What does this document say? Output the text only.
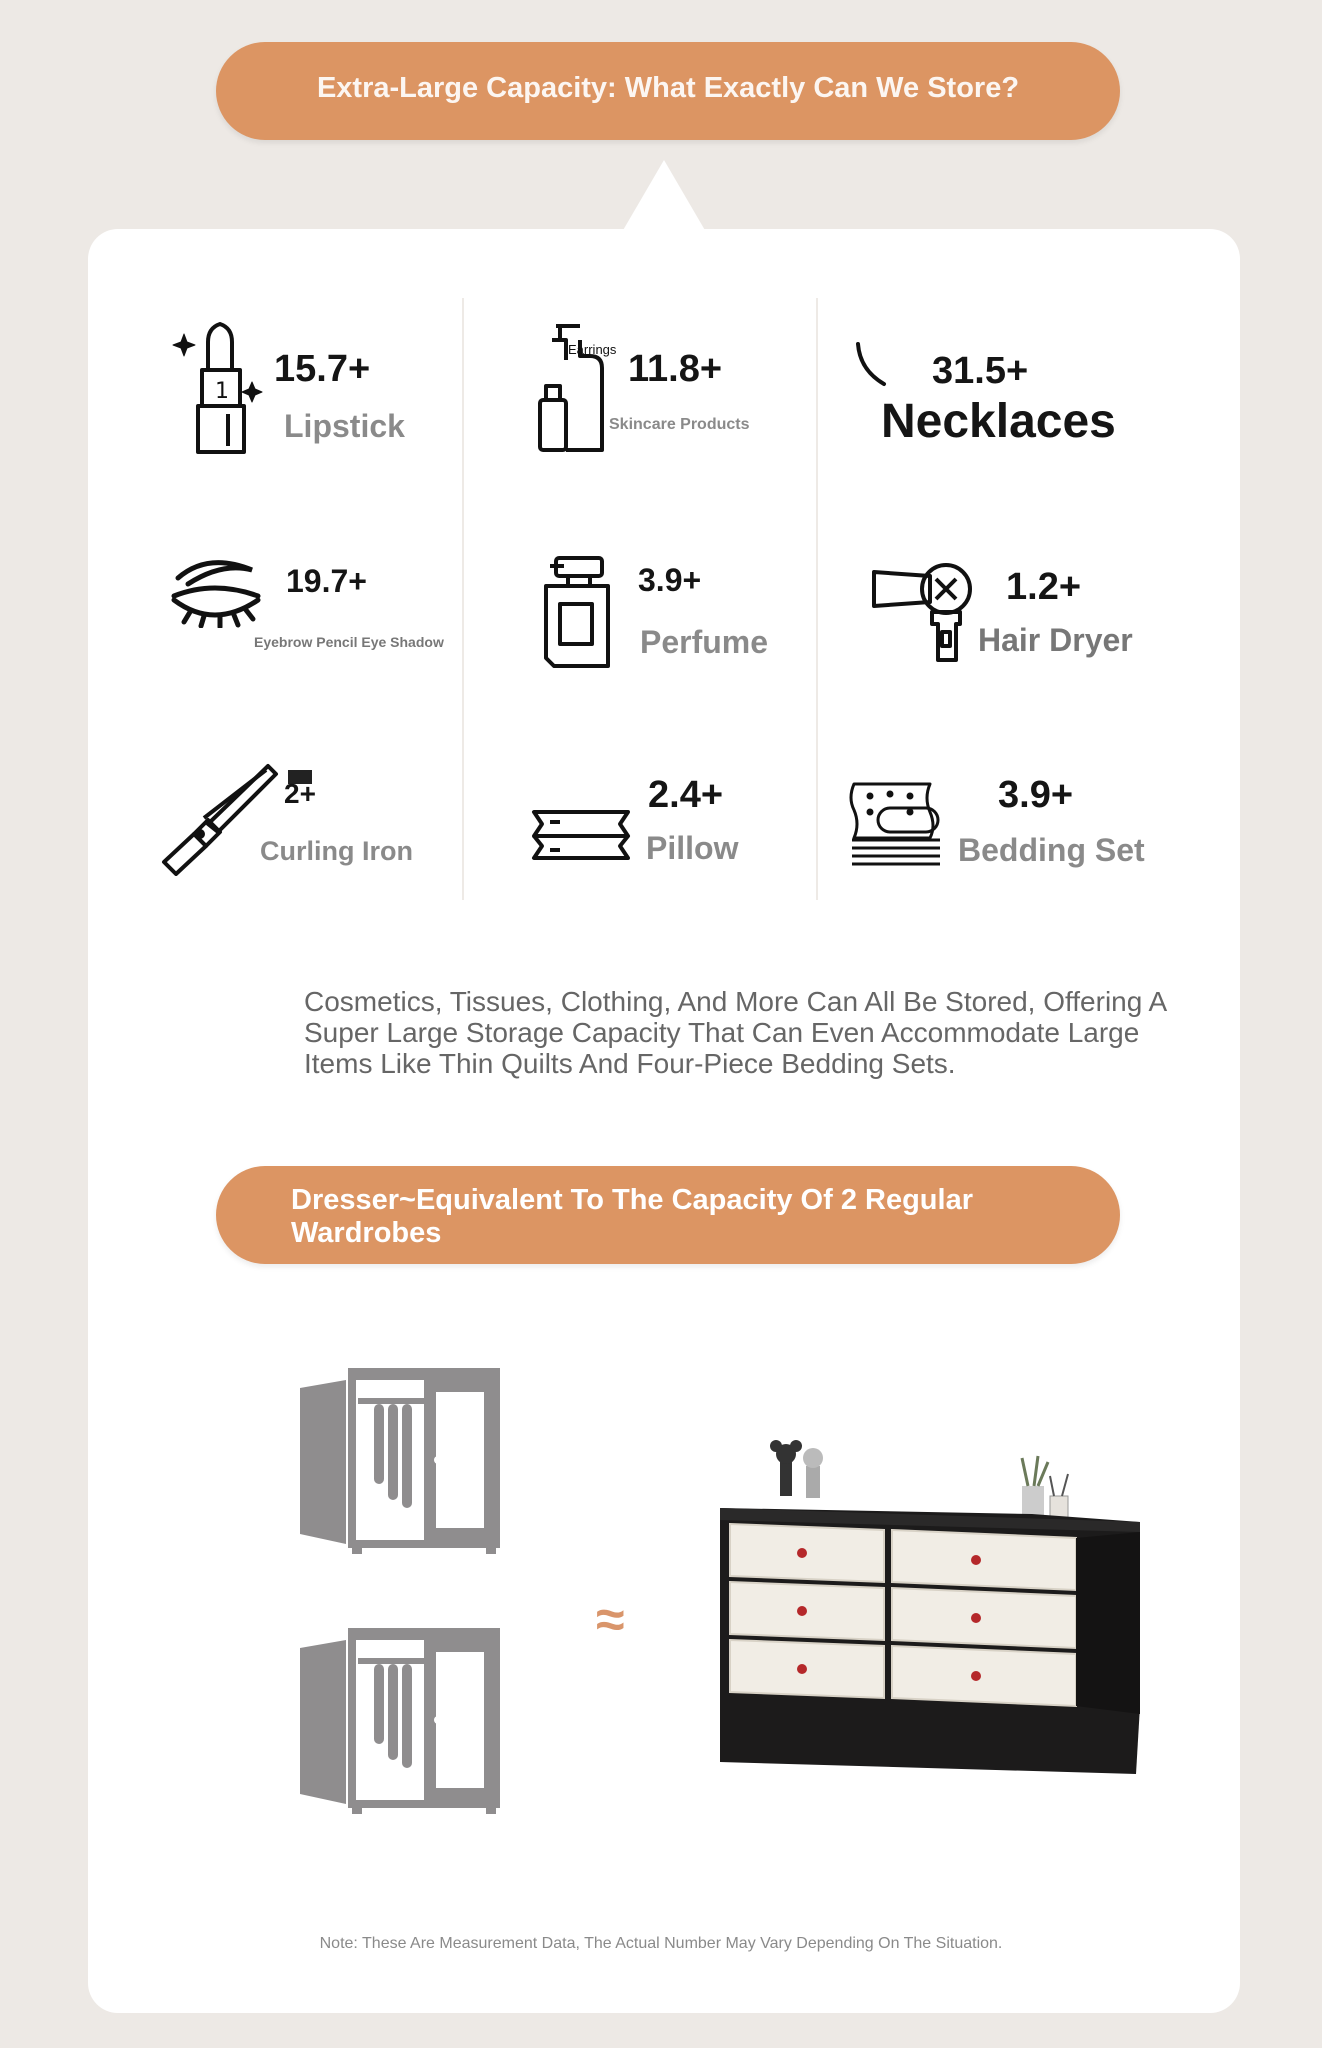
Extra-Large Capacity: What Exactly Can We Store?
1
15.7+
Lipstick
Earrings 11.8+
Skincare Products
31.5+
Necklaces
19.7+
Eyebrow Pencil Eye Shadow
3.9+
Perfume
1.2+
Hair Dryer
2+
Curling Iron
2.4+
Pillow
3.9+
Bedding Set
Cosmetics, Tissues, Clothing, And More Can All Be Stored, Offering A Super Large Storage Capacity That Can Even Accommodate Large Items Like Thin Quilts And Four-Piece Bedding Sets.
Dresser~Equivalent To The Capacity Of 2 Regular Wardrobes
≈
Note: These Are Measurement Data, The Actual Number May Vary Depending On The Situation.
